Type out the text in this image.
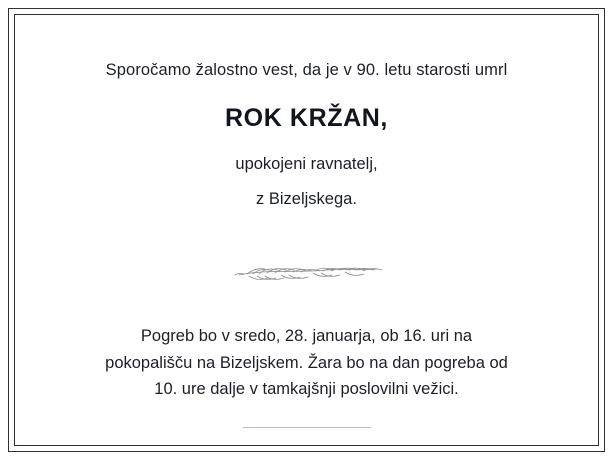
Sporočamo žalostno vest, da je v 90. letu starosti umrl
ROK KRŽAN,
upokojeni ravnatelj,
z Bizeljskega.
Pogreb bo v sredo, 28. januarja, ob 16. uri na pokopališču na Bizeljskem. Žara bo na dan pogreba od 10. ure dalje v tamkajšnji poslovilni vežici.
